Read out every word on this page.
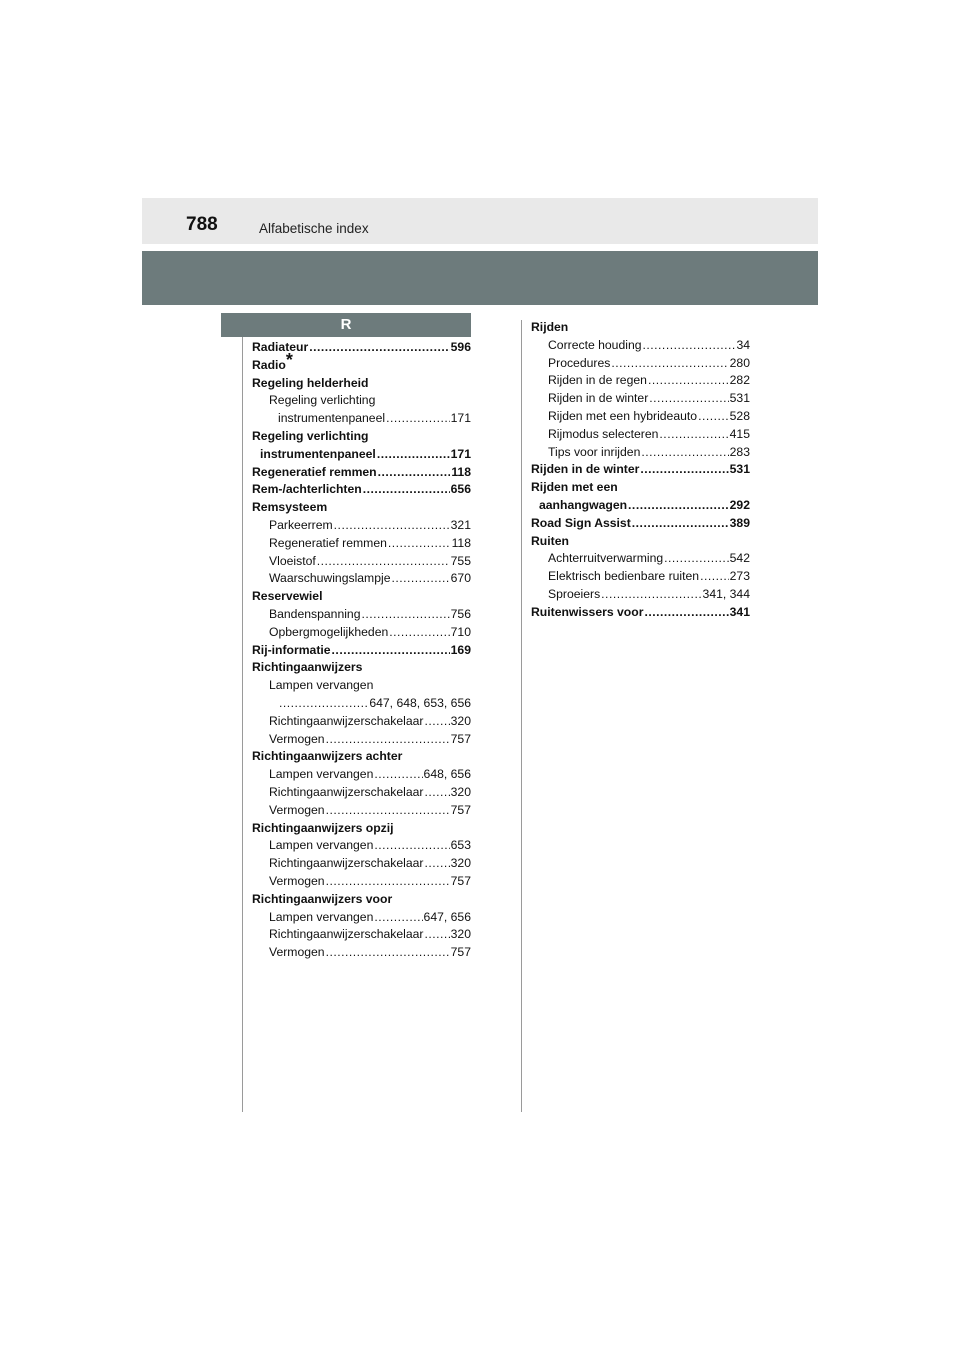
788	Alfabetische index
R
Radiateur .....	596
Radio*
Regeling helderheid
Regeling verlichting
instrumentenpaneel .....	171
Regeling verlichting
instrumentenpaneel .....	171
Regeneratief remmen .....	118
Rem-/achterlichten .....	656
Remsysteem
Parkeerrem .....	321
Regeneratief remmen .....	118
Vloeistof .....	755
Waarschuwingslampje .....	670
Reservewiel
Bandenspanning .....	756
Opbergmogelijkheden .....	710
Rij-informatie .....	169
Richtingaanwijzers
Lampen vervangen
.....
647, 648, 653, 656
Richtingaanwijzerschakelaar ..... 320
Vermogen .....	757
Richtingaanwijzers achter
Lampen vervangen .....	648, 656
Richtingaanwijzerschakelaar ..... 320
Vermogen .....	757
Richtingaanwijzers opzij
Lampen vervangen .....	653
Richtingaanwijzerschakelaar ..... 320
Vermogen .....	757
Richtingaanwijzers voor
Lampen vervangen .....	647, 656
Richtingaanwijzerschakelaar ..... 320
Vermogen .....	757
Rijden
Correcte houding .....	34
Procedures .....	280
Rijden in de regen .....	282
Rijden in de winter .....	531
Rijden met een hybrideauto .....	528
Rijmodus selecteren .....	415
Tips voor inrijden .....	283
Rijden in de winter .....	531
Rijden met een
aanhangwagen .....	292
Road Sign Assist .....	389
Ruiten
Achterruitverwarming .....	542
Elektrisch bedienbare ruiten .....	273
Sproeiers .....	341, 344
Ruitenwissers voor .....	341
